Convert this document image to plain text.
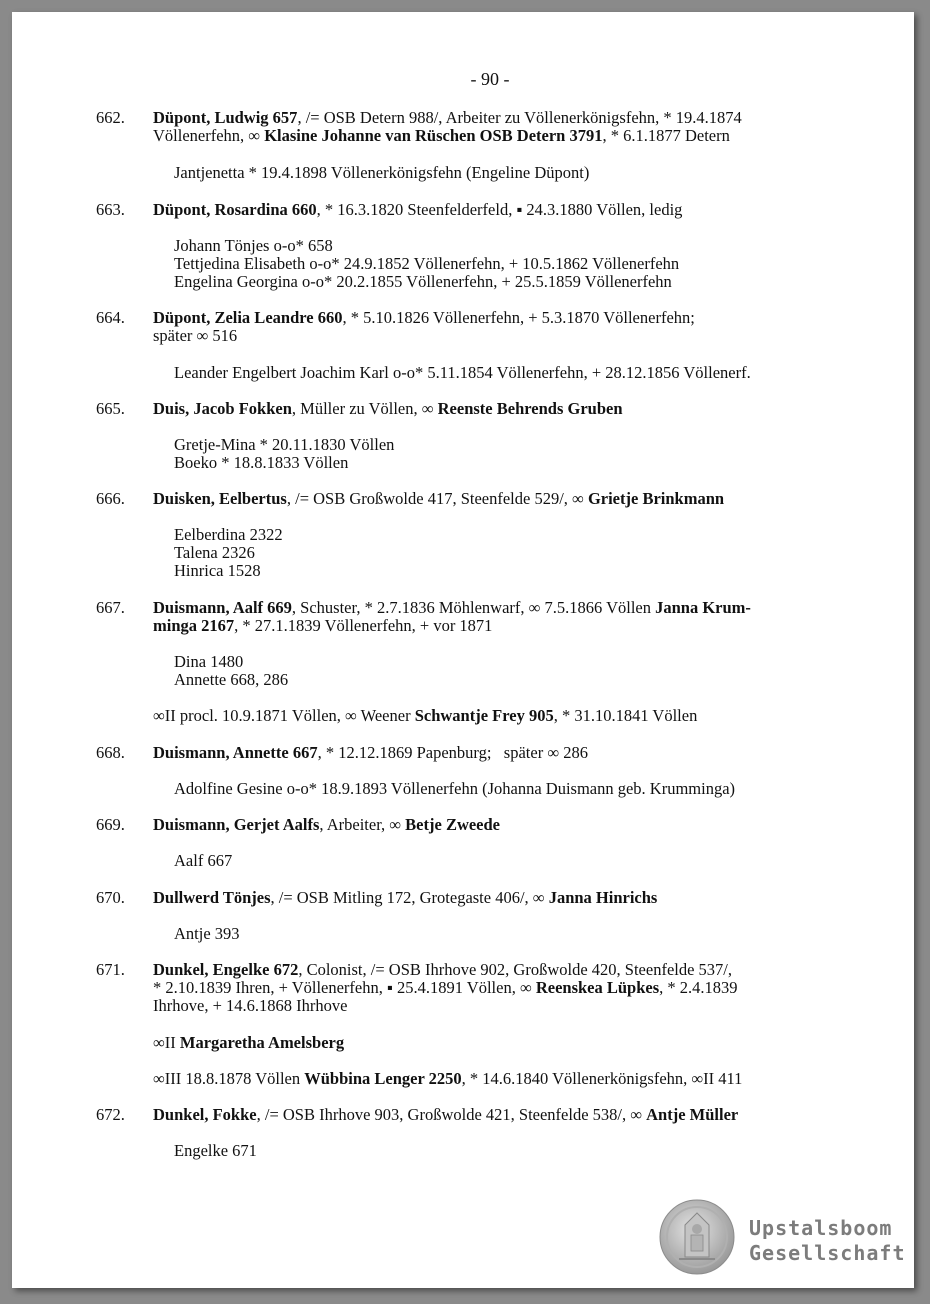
- 90 -
662. Düpont, Ludwig 657, /= OSB Detern 988/, Arbeiter zu Völlenerkönigsfehn, * 19.4.1874
Völlenerfehn, ∞ Klasine Johanne van Rüschen OSB Detern 3791, * 6.1.1877 Detern
Jantjenetta * 19.4.1898 Völlenerkönigsfehn (Engeline Düpont)
663. Düpont, Rosardina 660, * 16.3.1820 Steenfelderfeld, ▪ 24.3.1880 Völlen, ledig
Johann Tönjes o-o* 658
Tettjedina Elisabeth o-o* 24.9.1852 Völlenerfehn, + 10.5.1862 Völlenerfehn
Engelina Georgina o-o* 20.2.1855 Völlenerfehn, + 25.5.1859 Völlenerfehn
664. Düpont, Zelia Leandre 660, * 5.10.1826 Völlenerfehn, + 5.3.1870 Völlenerfehn;
später ∞ 516
Leander Engelbert Joachim Karl o-o* 5.11.1854 Völlenerfehn, + 28.12.1856 Völlenerf.
665. Duis, Jacob Fokken, Müller zu Völlen, ∞ Reenste Behrends Gruben
Gretje-Mina * 20.11.1830 Völlen
Boeko * 18.8.1833 Völlen
666. Duisken, Eelbertus, /= OSB Großwolde 417, Steenfelde 529/, ∞ Grietje Brinkmann
Eelberdina 2322
Talena 2326
Hinrica 1528
667. Duismann, Aalf 669, Schuster, * 2.7.1836 Möhlenwarf, ∞ 7.5.1866 Völlen Janna Krum-
minga 2167, * 27.1.1839 Völlenerfehn, + vor 1871
Dina 1480
Annette 668, 286
∞II procl. 10.9.1871 Völlen, ∞ Weener Schwantje Frey 905, * 31.10.1841 Völlen
668. Duismann, Annette 667, * 12.12.1869 Papenburg;   später ∞ 286
Adolfine Gesine o-o* 18.9.1893 Völlenerfehn (Johanna Duismann geb. Krumminga)
669. Duismann, Gerjet Aalfs, Arbeiter, ∞ Betje Zweede
Aalf 667
670. Dullwerd Tönjes, /= OSB Mitling 172, Grotegaste 406/, ∞ Janna Hinrichs
Antje 393
671. Dunkel, Engelke 672, Colonist, /= OSB Ihrhove 902, Großwolde 420, Steenfelde 537/,
* 2.10.1839 Ihren, + Völlenerfehn, ▪ 25.4.1891 Völlen, ∞ Reenskea Lüpkes, * 2.4.1839
Ihrhove, + 14.6.1868 Ihrhove
∞II Margaretha Amelsberg
∞III 18.8.1878 Völlen Wübbina Lenger 2250, * 14.6.1840 Völlenerkönigsfehn, ∞II 411
672. Dunkel, Fokke, /= OSB Ihrhove 903, Großwolde 421, Steenfelde 538/, ∞ Antje Müller
Engelke 671
Upstalsboom
Gesellschaft
